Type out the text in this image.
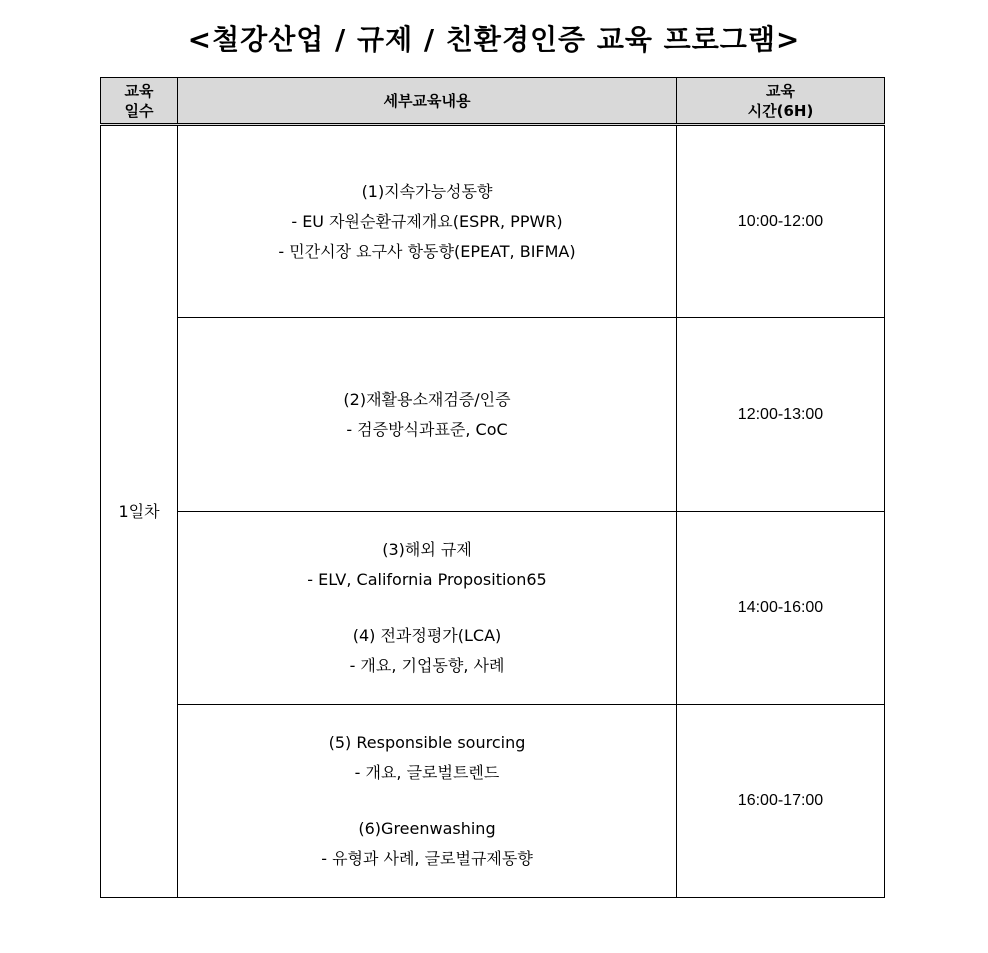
<철강산업 / 규제 / 친환경인증 교육 프로그램>
교육
일수	세부교육내용	교육
시간(6H)

1일차	(1)지속가능성동향
- EU 자원순환규제개요(ESPR, PPWR)
- 민간시장 요구사 항동향(EPEAT, BIFMA)	10:00-12:00

	(2)재활용소재검증/인증
- 검증방식과표준, CoC	12:00-13:00

	(3)해외 규제
- ELV, California Proposition65
(4) 전과정평가(LCA)
- 개요, 기업동향, 사례	14:00-16:00

	(5) Responsible sourcing
- 개요, 글로벌트렌드
(6)Greenwashing
- 유형과 사례, 글로벌규제동향	16:00-17:00
